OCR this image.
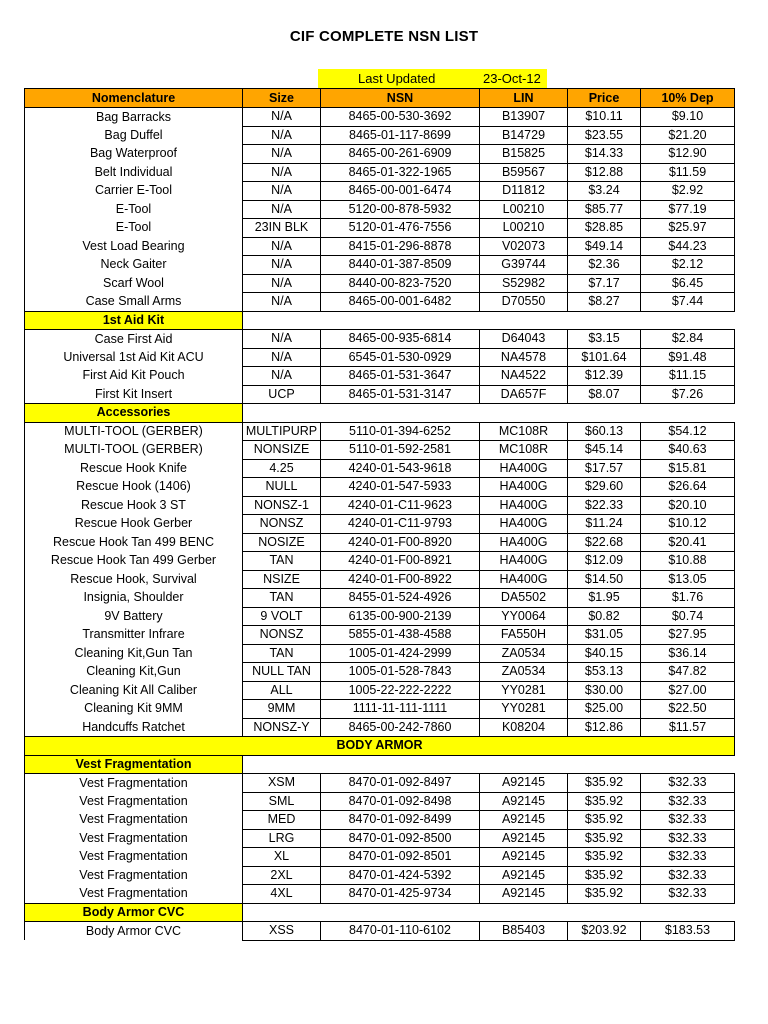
CIF COMPLETE NSN LIST
Last Updated	23-Oct-12
Nomenclature	Size	NSN	LIN	Price	10% Dep
Bag Barracks	N/A	8465-00-530-3692	B13907	$10.11	$9.10
Bag Duffel	N/A	8465-01-117-8699	B14729	$23.55	$21.20
Bag Waterproof	N/A	8465-00-261-6909	B15825	$14.33	$12.90
Belt Individual	N/A	8465-01-322-1965	B59567	$12.88	$11.59
Carrier E-Tool	N/A	8465-00-001-6474	D11812	$3.24	$2.92
E-Tool	N/A	5120-00-878-5932	L00210	$85.77	$77.19
E-Tool	23IN BLK	5120-01-476-7556	L00210	$28.85	$25.97
Vest Load Bearing	N/A	8415-01-296-8878	V02073	$49.14	$44.23
Neck Gaiter	N/A	8440-01-387-8509	G39744	$2.36	$2.12
Scarf Wool	N/A	8440-00-823-7520	S52982	$7.17	$6.45
Case Small Arms	N/A	8465-00-001-6482	D70550	$8.27	$7.44
1st Aid Kit					
Case First Aid	N/A	8465-00-935-6814	D64043	$3.15	$2.84
Universal 1st Aid Kit ACU	N/A	6545-01-530-0929	NA4578	$101.64	$91.48
First Aid Kit Pouch	N/A	8465-01-531-3647	NA4522	$12.39	$11.15
First Kit Insert	UCP	8465-01-531-3147	DA657F	$8.07	$7.26
Accessories					
MULTI-TOOL (GERBER)	MULTIPURP	5110-01-394-6252	MC108R	$60.13	$54.12
MULTI-TOOL (GERBER)	NONSIZE	5110-01-592-2581	MC108R	$45.14	$40.63
Rescue Hook Knife	4.25	4240-01-543-9618	HA400G	$17.57	$15.81
Rescue Hook (1406)	NULL	4240-01-547-5933	HA400G	$29.60	$26.64
Rescue Hook 3 ST	NONSZ-1	4240-01-C11-9623	HA400G	$22.33	$20.10
Rescue Hook Gerber	NONSZ	4240-01-C11-9793	HA400G	$11.24	$10.12
Rescue Hook Tan 499 BENC	NOSIZE	4240-01-F00-8920	HA400G	$22.68	$20.41
Rescue Hook Tan 499 Gerber	TAN	4240-01-F00-8921	HA400G	$12.09	$10.88
Rescue Hook, Survival	NSIZE	4240-01-F00-8922	HA400G	$14.50	$13.05
Insignia, Shoulder	TAN	8455-01-524-4926	DA5502	$1.95	$1.76
9V Battery	9 VOLT	6135-00-900-2139	YY0064	$0.82	$0.74
Transmitter Infrare	NONSZ	5855-01-438-4588	FA550H	$31.05	$27.95
Cleaning Kit,Gun Tan	TAN	1005-01-424-2999	ZA0534	$40.15	$36.14
Cleaning Kit,Gun	NULL TAN	1005-01-528-7843	ZA0534	$53.13	$47.82
Cleaning Kit All Caliber	ALL	1005-22-222-2222	YY0281	$30.00	$27.00
Cleaning Kit 9MM	9MM	1111-11-111-1111	YY0281	$25.00	$22.50
Handcuffs Ratchet	NONSZ-Y	8465-00-242-7860	K08204	$12.86	$11.57
BODY ARMOR					
Vest Fragmentation					
Vest Fragmentation	XSM	8470-01-092-8497	A92145	$35.92	$32.33
Vest Fragmentation	SML	8470-01-092-8498	A92145	$35.92	$32.33
Vest Fragmentation	MED	8470-01-092-8499	A92145	$35.92	$32.33
Vest Fragmentation	LRG	8470-01-092-8500	A92145	$35.92	$32.33
Vest Fragmentation	XL	8470-01-092-8501	A92145	$35.92	$32.33
Vest Fragmentation	2XL	8470-01-424-5392	A92145	$35.92	$32.33
Vest Fragmentation	4XL	8470-01-425-9734	A92145	$35.92	$32.33
Body Armor CVC					
Body Armor CVC	XSS	8470-01-110-6102	B85403	$203.92	$183.53
